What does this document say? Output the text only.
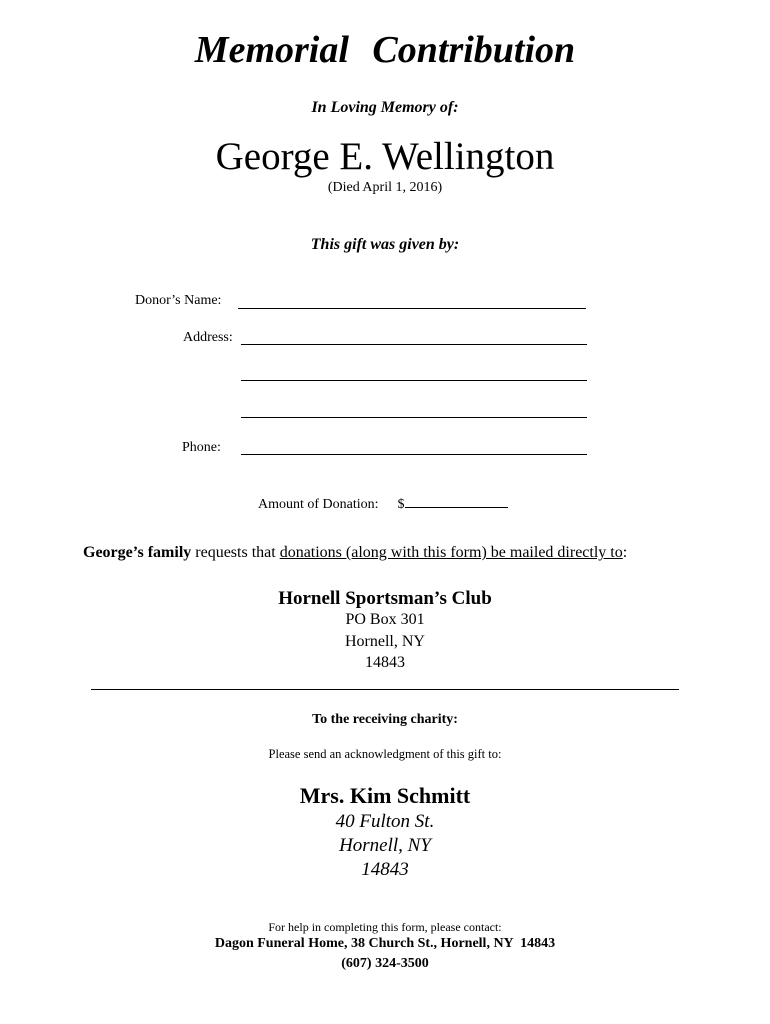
Memorial Contribution
In Loving Memory of:
George E. Wellington
(Died April 1, 2016)
This gift was given by:
Donor’s Name:
Address:
Phone:
Amount of Donation: $
George’s family requests that donations (along with this form) be mailed directly to:
Hornell Sportsman’s Club
PO Box 301
Hornell, NY
14843
To the receiving charity:
Please send an acknowledgment of this gift to:
Mrs. Kim Schmitt
40 Fulton St.
Hornell, NY
14843
For help in completing this form, please contact:
Dagon Funeral Home, 38 Church St., Hornell, NY  14843
(607) 324-3500
